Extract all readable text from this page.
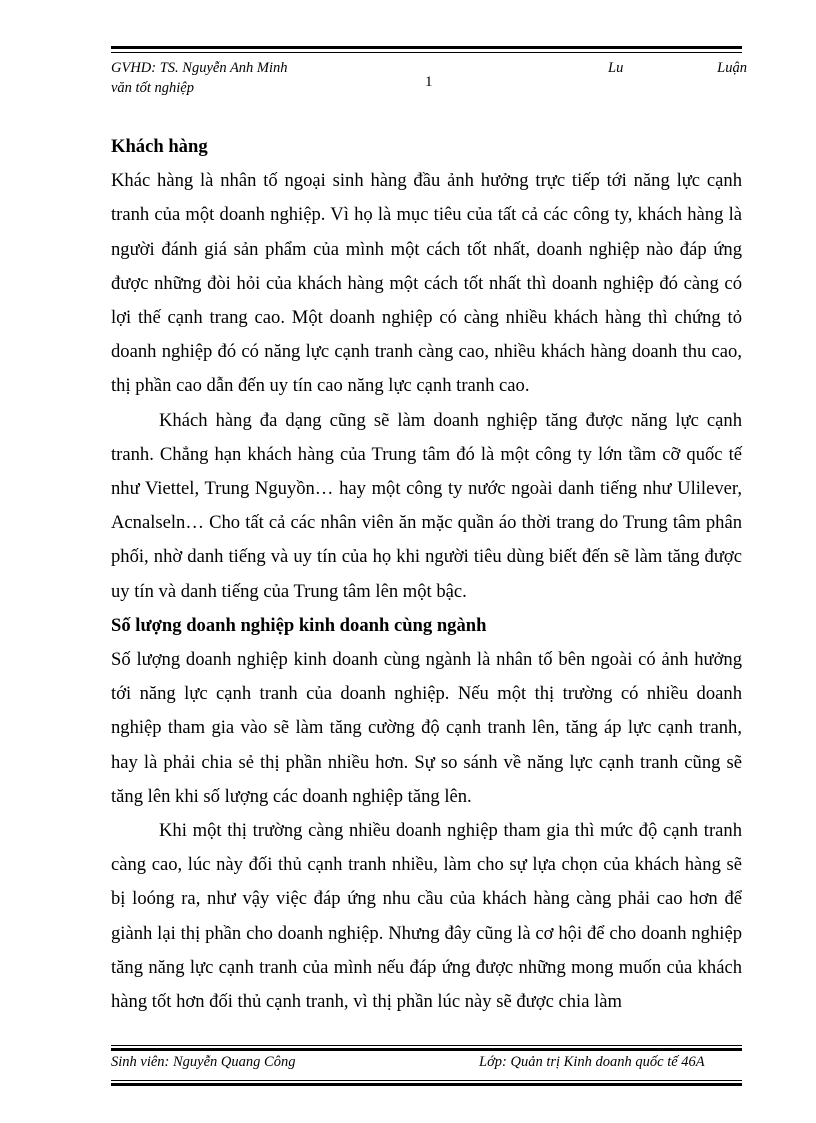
GVHD: TS. Nguyễn Anh Minh
văn tốt nghiệp	1
Lu	Luận
Khách hàng

Khác hàng là nhân tố ngoại sinh hàng đầu ảnh hưởng trực tiếp tới năng lực cạnh tranh của một doanh nghiệp. Vì họ là mục tiêu của tất cả các công ty, khách hàng là người đánh giá sản phẩm của mình một cách tốt nhất, doanh nghiệp nào đáp ứng được những đòi hỏi của khách hàng một cách tốt nhất thì doanh nghiệp đó càng có lợi thế cạnh trang cao. Một doanh nghiệp có càng nhiều khách hàng thì chứng tỏ doanh nghiệp đó có năng lực cạnh tranh càng cao, nhiều khách hàng doanh thu cao, thị phần cao dẫn đến uy tín cao năng lực cạnh tranh cao.

Khách hàng đa dạng cũng sẽ làm doanh nghiệp tăng được năng lực cạnh tranh. Chẳng hạn khách hàng của Trung tâm đó là một công ty lớn tầm cỡ quốc tế như Viettel, Trung Nguyồn… hay một công ty nước ngoài danh tiếng như Ulilever, Acnalseln… Cho tất cả các nhân viên ăn mặc quần áo thời trang do Trung tâm phân phối, nhờ danh tiếng và uy tín của họ khi người tiêu dùng biết đến sẽ làm tăng được uy tín và danh tiếng của Trung tâm lên một bậc.

Số lượng doanh nghiệp kinh doanh cùng ngành

Số lượng doanh nghiệp kinh doanh cùng ngành là nhân tố bên ngoài có ảnh hưởng tới năng lực cạnh tranh của doanh nghiệp. Nếu một thị trường có nhiều doanh nghiệp tham gia vào sẽ làm tăng cường độ cạnh tranh lên, tăng áp lực cạnh tranh, hay là phải chia sẻ thị phần nhiều hơn. Sự so sánh về năng lực cạnh tranh cũng sẽ tăng lên khi số lượng các doanh nghiệp tăng lên.

Khi một thị trường càng nhiều doanh nghiệp tham gia thì mức độ cạnh tranh càng cao, lúc này đối thủ cạnh tranh nhiều, làm cho sự lựa chọn của khách hàng sẽ bị loóng ra, như vậy việc đáp ứng nhu cầu của khách hàng càng phải cao hơn để giành lại thị phần cho doanh nghiệp. Nhưng đây cũng là cơ hội để cho doanh nghiệp tăng năng lực cạnh tranh của mình nếu đáp ứng được những mong muốn của khách hàng tốt hơn đối thủ cạnh tranh, vì thị phần lúc này sẽ được chia làm

Sinh viên: Nguyễn Quang Công	Lớp: Quản trị Kinh doanh quốc tế 46A
